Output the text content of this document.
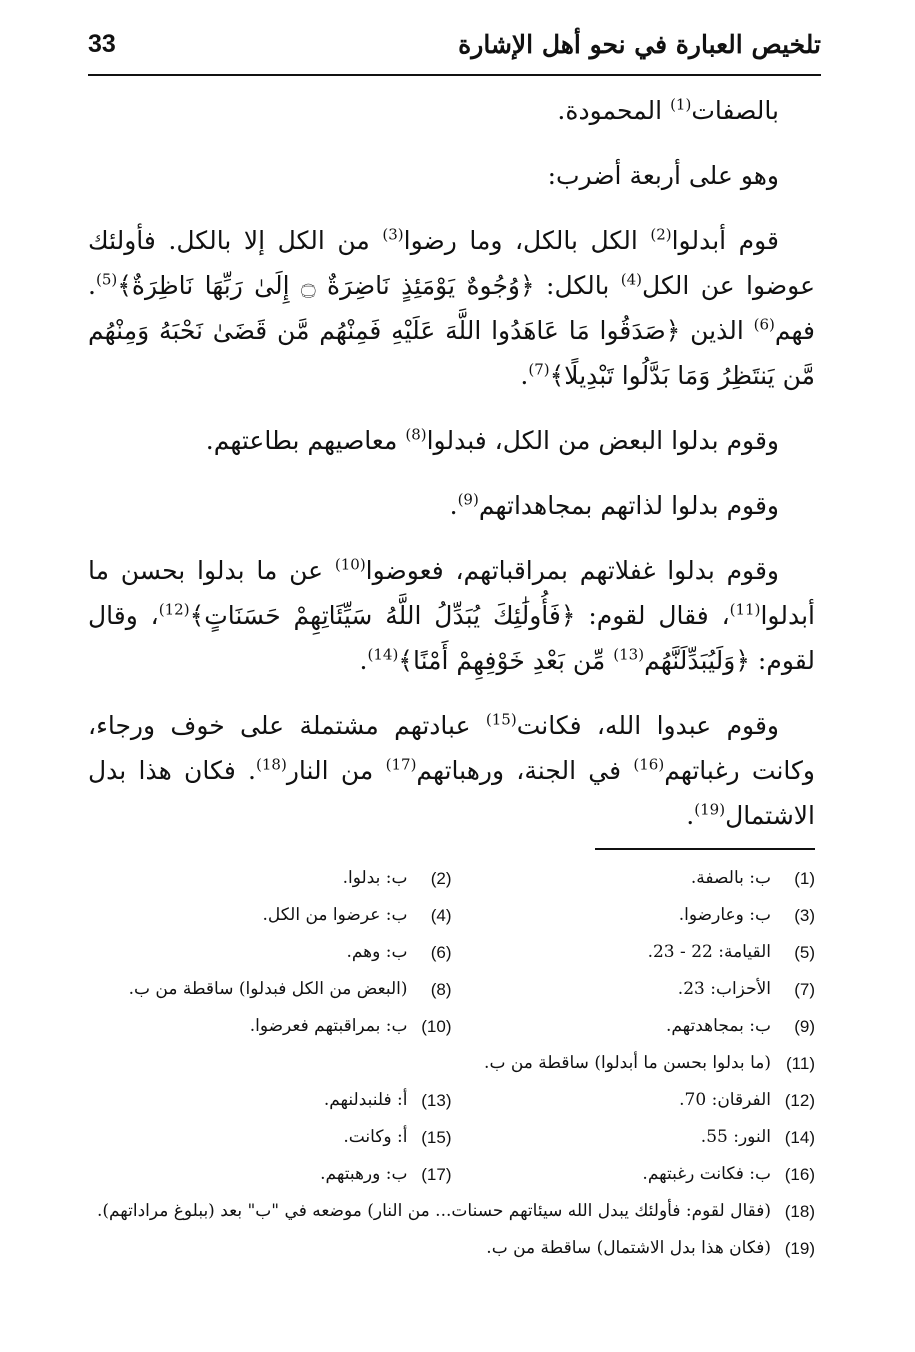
تلخيص العبارة في نحو أهل الإشارة
33

بالصفات$^{(1)}$ المحمودة.

وهو على أربعة أضرب:

قوم أبدلوا$^{(2)}$ الكل بالكل، وما رضوا$^{(3)}$ من الكل إلا بالكل. فأولئك عوضوا عن الكل$^{(4)}$ بالكل: ﴿وُجُوهٌ يَوْمَئِذٍ نَاضِرَةٌ ۝ إِلَىٰ رَبِّهَا نَاظِرَةٌ﴾$^{(5)}$. فهم$^{(6)}$ الذين ﴿صَدَقُوا مَا عَاهَدُوا اللَّهَ عَلَيْهِ فَمِنْهُم مَّن قَضَىٰ نَحْبَهُ وَمِنْهُم مَّن يَنتَظِرُ وَمَا بَدَّلُوا تَبْدِيلًا﴾$^{(7)}$.

وقوم بدلوا البعض من الكل، فبدلوا$^{(8)}$ معاصيهم بطاعتهم.

وقوم بدلوا لذاتهم بمجاهداتهم$^{(9)}$.

وقوم بدلوا غفلاتهم بمراقباتهم، فعوضوا$^{(10)}$ عن ما بدلوا بحسن ما أبدلوا$^{(11)}$، فقال لقوم: ﴿فَأُولَٰئِكَ يُبَدِّلُ اللَّهُ سَيِّئَاتِهِمْ حَسَنَاتٍ﴾$^{(12)}$، وقال لقوم: ﴿وَلَيُبَدِّلَنَّهُم$^{(13)}$ مِّن بَعْدِ خَوْفِهِمْ أَمْنًا﴾$^{(14)}$.

وقوم عبدوا الله، فكانت$^{(15)}$ عبادتهم مشتملة على خوف ورجاء، وكانت رغباتهم$^{(16)}$ في الجنة، ورهباتهم$^{(17)}$ من النار$^{(18)}$. فكان هذا بدل الاشتمال$^{(19)}$.

(1)
ب: بالصفة.
(2)
ب: بدلوا.
(3)
ب: وعارضوا.
(4)
ب: عرضوا من الكل.
(5)
القيامة: 22 - 23.
(6)
ب: وهم.
(7)
الأحزاب: 23.
(8)
(البعض من الكل فبدلوا) ساقطة من ب.
(9)
ب: بمجاهدتهم.
(10)
ب: بمراقبتهم فعرضوا.
(11)
(ما بدلوا بحسن ما أبدلوا) ساقطة من ب.
(12)
الفرقان: 70.
(13)
أ: فلنبدلنهم.
(14)
النور: 55.
(15)
أ: وكانت.
(16)
ب: فكانت رغبتهم.
(17)
ب: ورهبتهم.
(18)
(فقال لقوم: فأولئك يبدل الله سيئاتهم حسنات... من النار) موضعه في "ب" بعد (ببلوغ مراداتهم).
(19)
(فكان هذا بدل الاشتمال) ساقطة من ب.
